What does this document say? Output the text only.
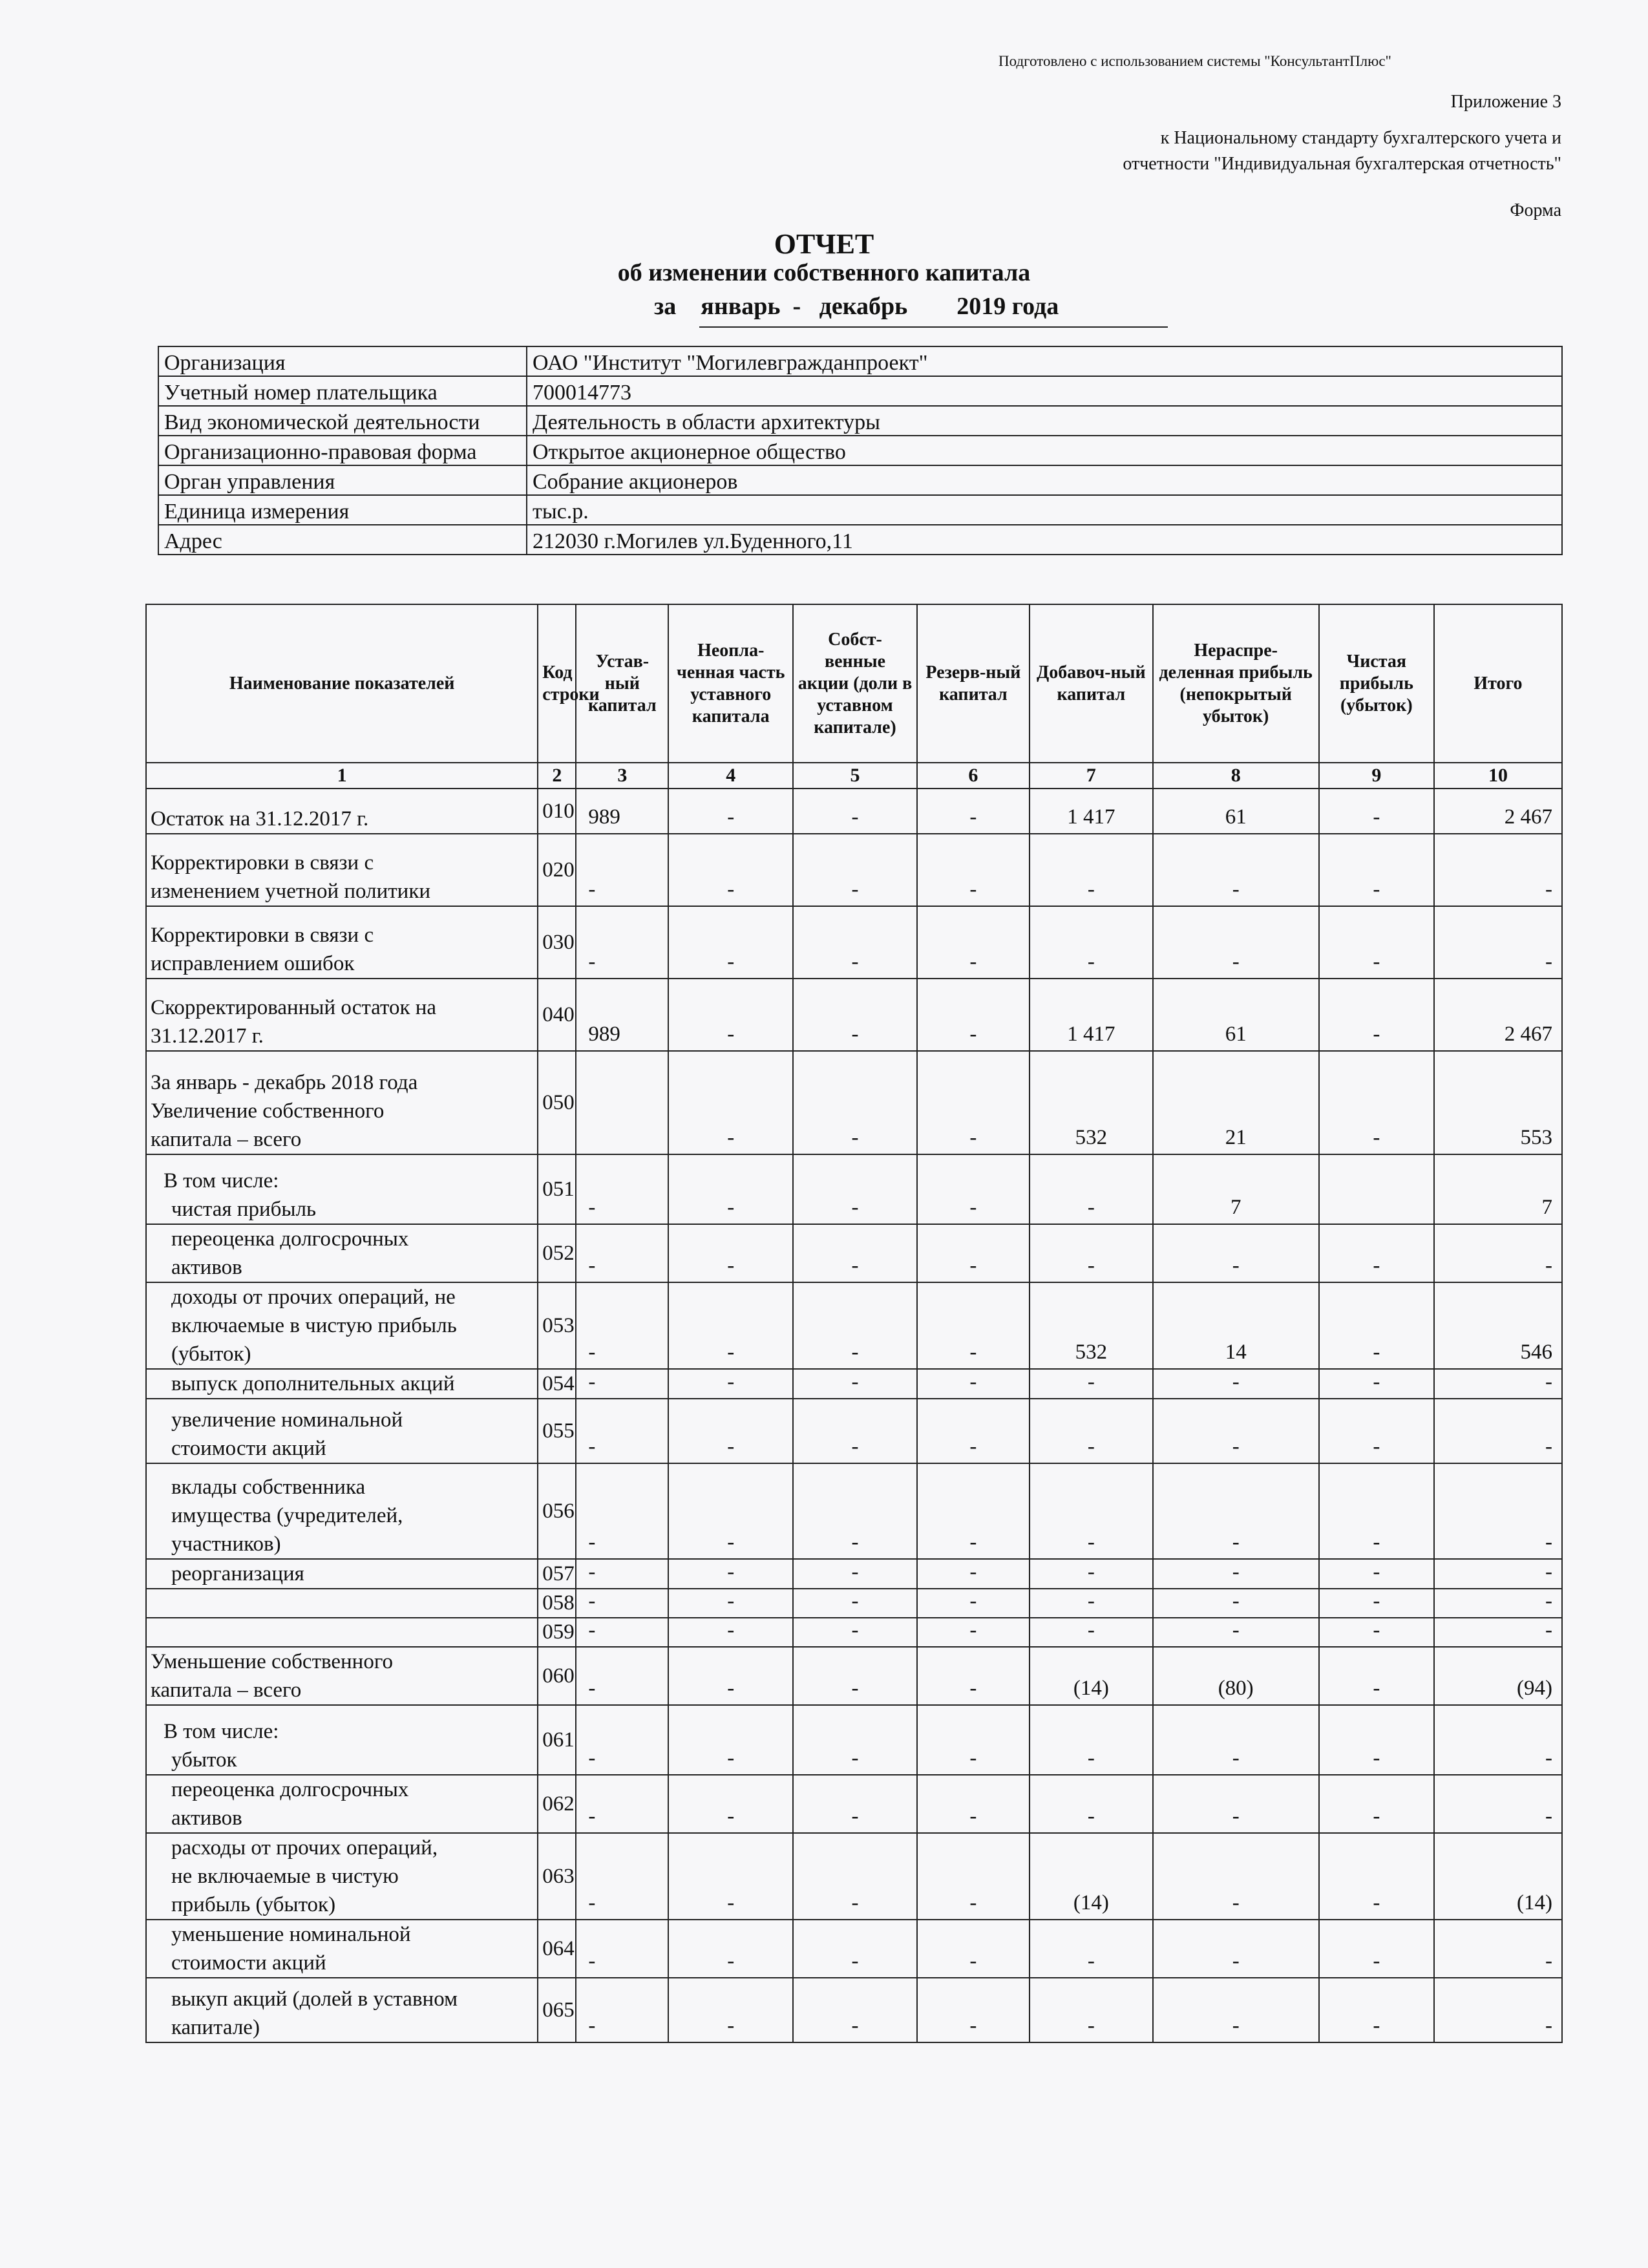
Подготовлено с использованием системы "КонсультантПлюс"
Приложение 3
к Национальному стандарту бухгалтерского учета и
отчетности "Индивидуальная бухгалтерская отчетность"
Форма
ОТЧЕТ
об изменении собственного капитала
за    январь  -   декабрь        2019 года
Организация	ОАО "Институт "Могилевгражданпроект"
Учетный номер плательщика	700014773
Вид экономической деятельности	Деятельность в области архитектуры
Организационно-правовая форма	Открытое акционерное общество
Орган управления	Собрание акционеров
Единица измерения	тыс.р.
Адрес	212030 г.Могилев ул.Буденного,11
Наименование показателей	Код строки	Устав-ный капитал	Неопла-ченная часть уставного капитала	Собст-венные акции (доли в уставном капитале)	Резерв-ный капитал	Добавоч-ный капитал	Нераспре-деленная прибыль (непокрытый убыток)	Чистая прибыль (убыток)	Итого
1	2	3	4	5	6	7	8	9	10

Остаток на 31.12.2017 г.	010	989	-	-	-	1 417	61	-	2 467

Корректировки в связи с
изменением учетной политики	020	-	-	-	-	-	-	-	-

Корректировки в связи с
исправлением ошибок	030	-	-	-	-	-	-	-	-

Скорректированный остаток на
31.12.2017 г.	040	989	-	-	-	1 417	61	-	2 467

За январь - декабрь 2018 года
Увеличение собственного
капитала – всего	050		-	-	-	532	21	-	553

В том числе:
чистая прибыль	051	-	-	-	-	-	7		7

переоценка долгосрочных
активов	052	-	-	-	-	-	-	-	-

доходы от прочих операций, не
включаемые в чистую прибыль
(убыток)	053	-	-	-	-	532	14	-	546

выпуск дополнительных акций	054	-	-	-	-	-	-	-	-

увеличение номинальной
стоимости акций	055	-	-	-	-	-	-	-	-

вклады собственника
имущества (учредителей,
участников)	056	-	-	-	-	-	-	-	-

реорганизация	057	-	-	-	-	-	-	-	-

	058	-	-	-	-	-	-	-	-

	059	-	-	-	-	-	-	-	-

Уменьшение собственного
капитала – всего	060	-	-	-	-	(14)	(80)	-	(94)

В том числе:
убыток	061	-	-	-	-	-	-	-	-

переоценка долгосрочных
активов	062	-	-	-	-	-	-	-	-

расходы от прочих операций,
не включаемые в чистую
прибыль (убыток)	063	-	-	-	-	(14)	-	-	(14)

уменьшение номинальной
стоимости акций	064	-	-	-	-	-	-	-	-

выкуп акций (долей в уставном
капитале)	065	-	-	-	-	-	-	-	-
